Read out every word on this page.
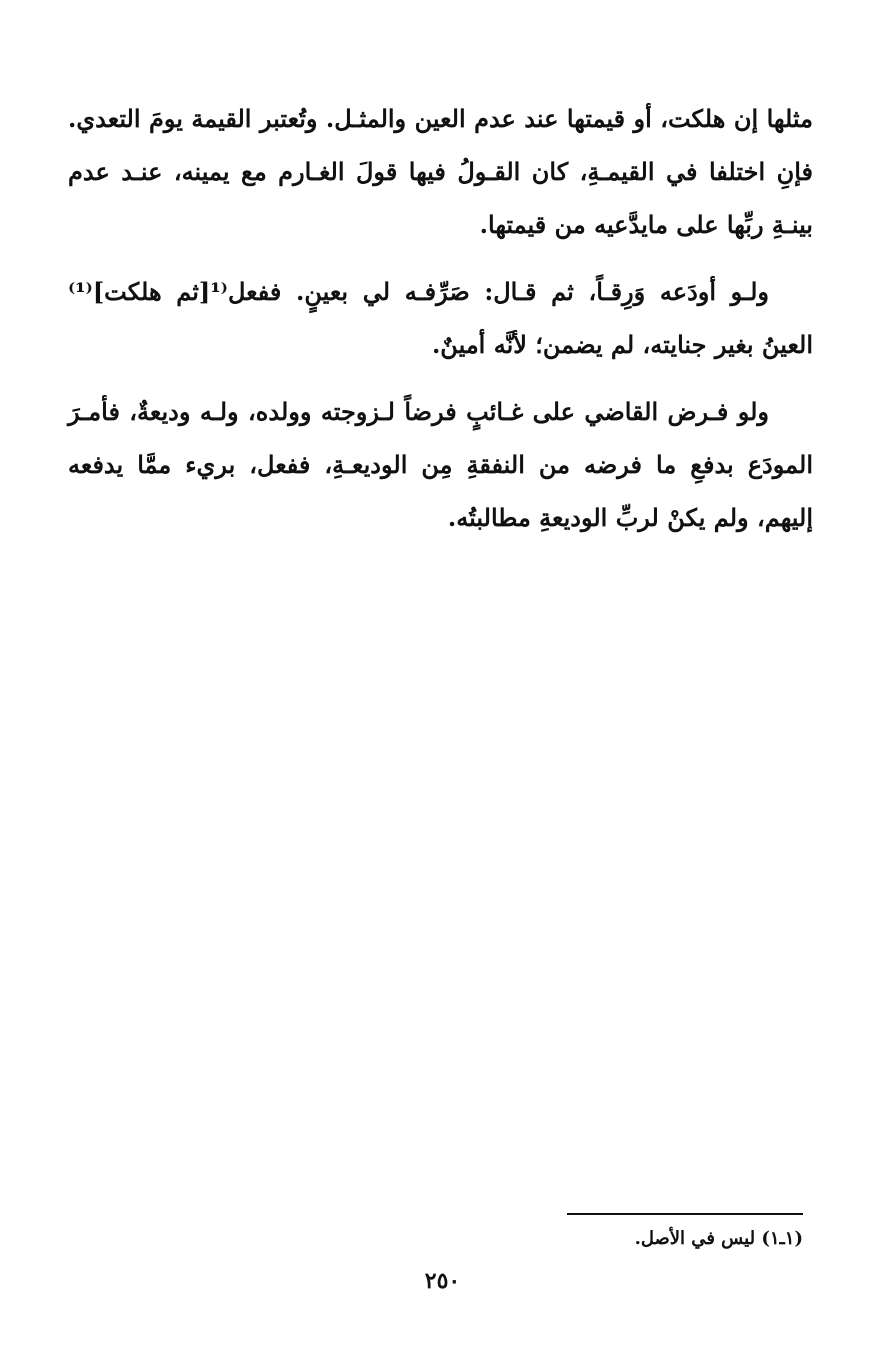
مثلها إن هلكت، أو قيمتها عند عدم العين والمثـل. وتُعتبر القيمة يومَ التعدي. فإنِ اختلفا في القيمـةِ، كان القـولُ فيها قولَ الغـارم مع يمينه، عنـد عدم بينـةِ ربِّها على مايدَّعيه من قيمتها.

ولـو أودَعه وَرِقـاً، ثم قـال: صَرِّفـه لي بعينٍ. ففعل⁽¹[ثم هلكت]⁽¹⁾ العينُ بغير جنايته، لم يضمن؛ لأنَّه أمينٌ.

ولو فـرض القاضي على غـائبٍ فرضاً لـزوجته وولده، ولـه وديعةٌ، فأمـرَ المودَع بدفعِ ما فرضه من النفقةِ مِن الوديعـةِ، ففعل، بريء ممَّا يدفعه إليهم، ولم يكنْ لربِّ الوديعةِ مطالبتُه.

(١ـ١) ليس في الأصل.
٢٥٠
